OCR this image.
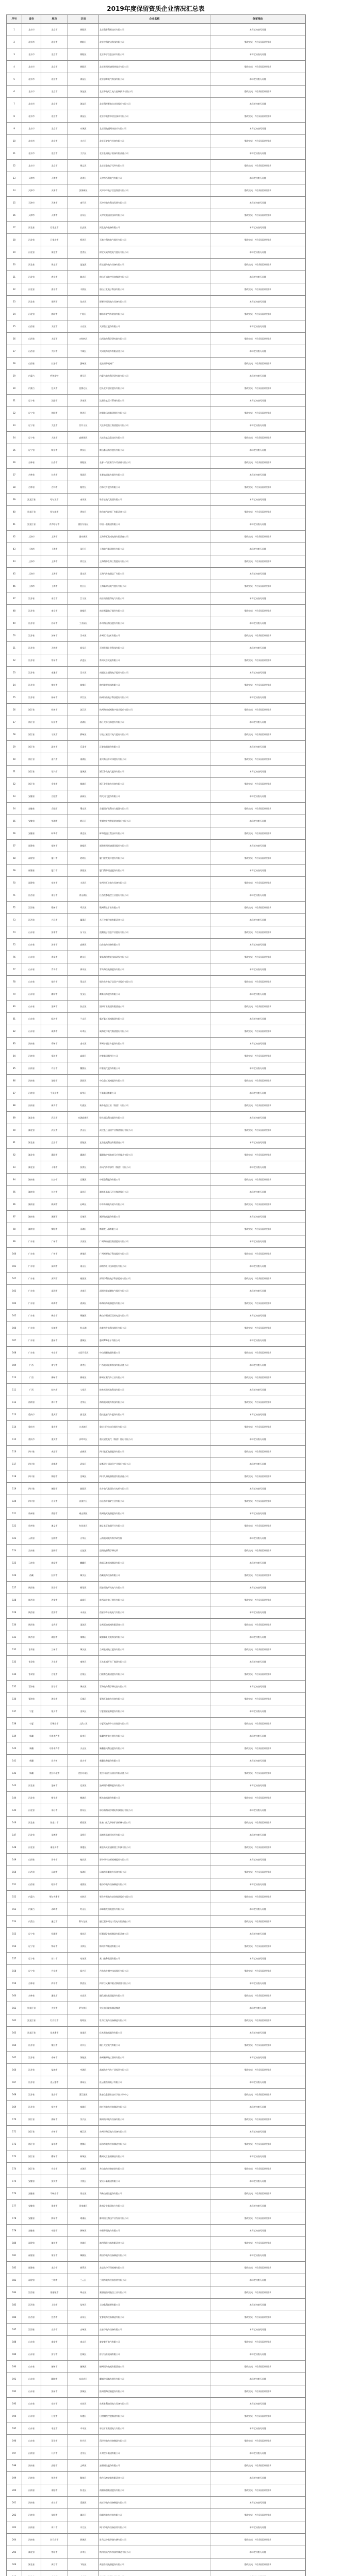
2019年度保留资质企业情况汇总表
序号	省份	地市	区县	企业名称	保留理由
1	北京市	北京市	朝阳区	北京奥普科星技术有限公司	本年度核查无问题
2	北京市	北京市	朝阳区	北京中科安达科技有限公司	整改完成，符合资质条件要求
3	北京市	北京市	朝阳区	北京华宇信息技术有限公司	本年度核查无问题
4	北京市	北京市	朝阳区	北京星网锐捷网络技术有限公司	整改完成，符合资质条件要求
5	北京市	北京市	海淀区	北京思源电气科技有限公司	本年度核查无问题
6	北京市	北京市	海淀区	北京华电天仁电力控制技术有限公司	整改完成，符合资质条件要求
7	北京市	北京市	海淀区	北京科锐配电自动化股份有限公司	本年度核查无问题
8	北京市	北京市	海淀区	北京中电普华信息技术有限公司	整改完成，符合资质条件要求
9	北京市	北京市	东城区	北京国电通网络技术有限公司	本年度核查无问题
10	北京市	北京市	丰台区	北京天安电气设备有限公司	整改完成，符合资质条件要求
11	北京市	北京市	大兴区	北京长城电子装备有限责任公司	本年度核查无问题
12	北京市	北京市	顺义区	北京京瓷电子元件有限公司	整改完成，符合资质条件要求
13	天津市	天津市	西青区	天津市百利电气有限公司	本年度核查无问题
14	天津市	天津市	滨海新区	天津中环电子信息集团有限公司	整改完成，符合资质条件要求
15	天津市	天津市	南开区	天津市电力科技发展有限公司	本年度核查无问题
16	天津市	天津市	河东区	天津光电通信技术有限公司	整改完成，符合资质条件要求
17	河北省	石家庄市	长安区	河北电力装备有限公司	本年度核查无问题
18	河北省	石家庄市	桥西区	石家庄科林电气股份有限公司	整改完成，符合资质条件要求
19	河北省	保定市	竞秀区	保定天威保变电气股份有限公司	本年度核查无问题
20	河北省	保定市	莲池区	保定通力电力设备有限公司	整改完成，符合资质条件要求
21	河北省	唐山市	路北区	唐山开诚电控设备集团有限公司	本年度核查无问题
22	河北省	唐山市	丰润区	唐山三友电子科技有限公司	整改完成，符合资质条件要求
23	河北省	邯郸市	丛台区	邯郸市恒昌电力设备有限公司	本年度核查无问题
24	河北省	廊坊市	广阳区	廊坊华安汽车装备有限公司	整改完成，符合资质条件要求
25	山西省	太原市	小店区	太原重工股份有限公司	本年度核查无问题
26	山西省	太原市	万柏林区	山西电力科学研究院有限公司	整改完成，符合资质条件要求
27	山西省	大同市	平城区	大同电力机车有限责任公司	本年度核查无问题
28	山西省	长治市	潞州区	长治清华机械厂	整改完成，符合资质条件要求
29	内蒙古	呼和浩特	赛罕区	内蒙古电力科学研究院有限公司	本年度核查无问题
30	内蒙古	包头市	昆都仑区	包头北方创业股份有限公司	整改完成，符合资质条件要求
31	辽宁省	沈阳市	浑南区	沈阳东软医疗系统有限公司	本年度核查无问题
32	辽宁省	沈阳市	铁西区	沈阳鼓风机集团股份有限公司	整改完成，符合资质条件要求
33	辽宁省	大连市	甘井子区	大连华锐重工集团股份有限公司	本年度核查无问题
34	辽宁省	大连市	高新园区	大连东软信息技术有限公司	整改完成，符合资质条件要求
35	辽宁省	鞍山市	铁东区	鞍山森远路桥股份有限公司	本年度核查无问题
36	吉林省	长春市	朝阳区	长春一汽富维汽车零部件有限公司	整改完成，符合资质条件要求
37	吉林省	长春市	绿园区	长春轨道客车股份有限公司	本年度核查无问题
38	吉林省	吉林市	船营区	吉林化纤股份有限公司	整改完成，符合资质条件要求
39	黑龙江省	哈尔滨市	南岗区	哈尔滨电气集团有限公司	本年度核查无问题
40	黑龙江省	哈尔滨市	香坊区	哈尔滨汽轮机厂有限责任公司	整改完成，符合资质条件要求
41	黑龙江省	齐齐哈尔市	富拉尔基区	中国一重集团有限公司	本年度核查无问题
42	上海市	上海市	浦东新区	上海华虹集成电路有限责任公司	整改完成，符合资质条件要求
43	上海市	上海市	闵行区	上海电气集团股份有限公司	本年度核查无问题
44	上海市	上海市	徐汇区	上海科华生物工程股份有限公司	整改完成，符合资质条件要求
45	上海市	上海市	嘉定区	上海汽车电器总厂有限公司	本年度核查无问题
46	上海市	上海市	松江区	上海新时达电气股份有限公司	整改完成，符合资质条件要求
47	江苏省	南京市	江宁区	南京南瑞继保电气有限公司	本年度核查无问题
48	江苏省	南京市	鼓楼区	南京熊猫电子股份有限公司	整改完成，符合资质条件要求
49	江苏省	苏州市	工业园区	苏州科达科技股份有限公司	本年度核查无问题
50	江苏省	苏州市	吴中区	苏州汇川技术有限公司	整改完成，符合资质条件要求
51	江苏省	无锡市	新吴区	无锡华润上华科技有限公司	本年度核查无问题
52	江苏省	常州市	武进区	常州天合光能有限公司	整改完成，符合资质条件要求
53	江苏省	南通市	崇川区	南通富士通微电子股份有限公司	本年度核查无问题
54	江苏省	徐州市	鼓楼区	徐州重型机械有限公司	整改完成，符合资质条件要求
55	江苏省	扬州市	邗江区	扬州扬杰电子科技股份有限公司	本年度核查无问题
56	浙江省	杭州市	滨江区	杭州海康威视数字技术股份有限公司	整改完成，符合资质条件要求
57	浙江省	杭州市	西湖区	浙江大华技术股份有限公司	本年度核查无问题
58	浙江省	宁波市	鄞州区	宁波三星医疗电气股份有限公司	整改完成，符合资质条件要求
59	浙江省	温州市	乐清市	正泰电器股份有限公司	本年度核查无问题
60	浙江省	嘉兴市	南湖区	嘉兴斯达半导体股份有限公司	整改完成，符合资质条件要求
61	浙江省	绍兴市	越城区	浙江卧龙电气股份有限公司	本年度核查无问题
62	浙江省	金华市	婺城区	浙江金华电力设备有限公司	整改完成，符合资质条件要求
63	安徽省	合肥市	高新区	科大讯飞股份有限公司	本年度核查无问题
64	安徽省	合肥市	蜀山区	合肥国轩高科动力能源有限公司	整改完成，符合资质条件要求
65	安徽省	芜湖市	鸠江区	芜湖埃夫特智能装备股份有限公司	本年度核查无问题
66	安徽省	蚌埠市	禹会区	蚌埠凯盛工程技术有限公司	整改完成，符合资质条件要求
67	福建省	福州市	鼓楼区	福建星网锐捷通讯股份有限公司	本年度核查无问题
68	福建省	厦门市	思明区	厦门宏发电声股份有限公司	整改完成，符合资质条件要求
69	福建省	厦门市	湖里区	厦门科华恒盛股份有限公司	本年度核查无问题
70	福建省	泉州市	丰泽区	泉州市汇丰电力设备有限公司	整改完成，符合资质条件要求
71	江西省	南昌市	青山湖区	江西洪都航空工业股份有限公司	本年度核查无问题
72	江西省	赣州市	章贡区	赣州稀土矿业有限公司	整改完成，符合资质条件要求
73	江西省	九江市	濂溪区	九江中船仪表有限责任公司	本年度核查无问题
74	山东省	济南市	历下区	浪潮电子信息产业股份有限公司	整改完成，符合资质条件要求
75	山东省	济南市	高新区	山东电力设备有限公司	本年度核查无问题
76	山东省	青岛市	崂山区	青岛海尔智能技术研发有限公司	整改完成，符合资质条件要求
77	山东省	青岛市	黄岛区	青岛海信电器股份有限公司	本年度核查无问题
78	山东省	烟台市	莱山区	烟台东方电子信息产业股份有限公司	整改完成，符合资质条件要求
79	山东省	潍坊市	奎文区	潍柴动力股份有限公司	本年度核查无问题
80	山东省	淄博市	张店区	淄博矿业集团有限责任公司	整改完成，符合资质条件要求
81	山东省	临沂市	兰山区	临沂临工机械集团有限公司	本年度核查无问题
82	山东省	威海市	环翠区	威海北洋电气集团股份有限公司	整改完成，符合资质条件要求
83	河南省	郑州市	金水区	郑州宇通客车股份有限公司	本年度核查无问题
84	河南省	郑州市	高新区	许继集团郑州分公司	整改完成，符合资质条件要求
85	河南省	许昌市	魏都区	许继电气股份有限公司	本年度核查无问题
86	河南省	洛阳市	涧西区	中信重工机械股份有限公司	整改完成，符合资质条件要求
87	河南省	平顶山市	新华区	平高集团有限公司	本年度核查无问题
88	河南省	新乡市	红旗区	新乡航空工业（集团）有限公司	整改完成，符合资质条件要求
89	湖北省	武汉市	东湖高新区	烽火通信科技股份有限公司	本年度核查无问题
90	湖北省	武汉市	洪山区	武汉长江通信产业集团股份有限公司	整改完成，符合资质条件要求
91	湖北省	宜昌市	西陵区	宜昌长机科技有限责任公司	本年度核查无问题
92	湖北省	襄阳市	襄城区	襄阳航宇机电液压应用技术有限公司	整改完成，符合资质条件要求
93	湖北省	十堰市	张湾区	东风汽车零部件（集团）有限公司	本年度核查无问题
94	湖南省	长沙市	岳麓区	中联重科股份有限公司	整改完成，符合资质条件要求
95	湖南省	长沙市	雨花区	湖南长高高压开关集团股份公司	本年度核查无问题
96	湖南省	株洲市	石峰区	中车株洲电力机车有限公司	整改完成，符合资质条件要求
97	湖南省	湘潭市	岳塘区	湘潭电机股份有限公司	本年度核查无问题
98	湖南省	衡阳市	蒸湘区	衡阳变压器有限公司	整改完成，符合资质条件要求
99	广东省	广州市	天河区	广州海格通信集团股份有限公司	本年度核查无问题
100	广东省	广州市	黄埔区	广州视源电子科技股份有限公司	整改完成，符合资质条件要求
101	广东省	深圳市	南山区	深圳市汇川技术股份有限公司	本年度核查无问题
102	广东省	深圳市	福田区	深圳市科陆电子科技股份有限公司	整改完成，符合资质条件要求
103	广东省	深圳市	龙岗区	深圳市英威腾电气股份有限公司	本年度核查无问题
104	广东省	珠海市	香洲区	珠海格力电器股份有限公司	整改完成，符合资质条件要求
105	广东省	佛山市	顺德区	佛山市顺德区美的电器有限公司	本年度核查无问题
106	广东省	东莞市	松山湖	东莞市生益科技股份有限公司	整改完成，符合资质条件要求
107	广东省	惠州市	惠城区	惠州TCL电子有限公司	本年度核查无问题
108	广东省	中山市	火炬开发区	中山明阳电器有限公司	整改完成，符合资质条件要求
109	广西	南宁市	青秀区	广西电网能源科技有限责任公司	本年度核查无问题
110	广西	柳州市	柳南区	柳州五菱汽车工业有限公司	整改完成，符合资质条件要求
111	广西	桂林市	七星区	桂林光隆光电科技有限公司	本年度核查无问题
112	海南省	海口市	龙华区	海南电网电力科技有限公司	整改完成，符合资质条件要求
113	重庆市	重庆市	渝北区	重庆长安汽车股份有限公司	本年度核查无问题
114	重庆市	重庆市	九龙坡区	重庆川仪自动化股份有限公司	整改完成，符合资质条件要求
115	重庆市	重庆市	沙坪坝区	重庆望变电气（集团）股份有限公司	本年度核查无问题
116	四川省	成都市	高新区	四川长虹电器股份有限公司	整改完成，符合资质条件要求
117	四川省	成都市	武侯区	成都卫士通信息产业股份有限公司	本年度核查无问题
118	四川省	绵阳市	涪城区	四川九洲电器集团有限责任公司	整改完成，符合资质条件要求
119	四川省	德阳市	旌阳区	东方电气集团东方电机有限公司	本年度核查无问题
120	四川省	自贡市	自流井区	自贡东方锅炉工业有限公司	整改完成，符合资质条件要求
121	贵州省	贵阳市	观山湖区	贵州航天电器股份有限公司	本年度核查无问题
122	贵州省	遵义市	红花岗区	遵义长征电器开关有限公司	整改完成，符合资质条件要求
123	云南省	昆明市	五华区	云南电网电力科学研究院	本年度核查无问题
124	云南省	昆明市	官渡区	昆明电器科学研究所	整改完成，符合资质条件要求
125	云南省	曲靖市	麒麟区	曲靖云维机械制造有限公司	本年度核查无问题
126	西藏	拉萨市	城关区	西藏电力设备有限公司	整改完成，符合资质条件要求
127	陕西省	西安市	雁塔区	西安西电开关电气有限公司	本年度核查无问题
128	陕西省	西安市	高新区	陕西烽火电子股份有限公司	整改完成，符合资质条件要求
129	陕西省	西安市	未央区	西安中车永电电气有限公司	本年度核查无问题
130	陕西省	宝鸡市	渭滨区	宝鸡石油机械有限责任公司	整改完成，符合资质条件要求
131	陕西省	咸阳市	秦都区	咸阳彩虹光电科技有限公司	本年度核查无问题
132	甘肃省	兰州市	城关区	兰州长城电工股份有限公司	整改完成，符合资质条件要求
133	甘肃省	天水市	秦州区	天水长城开关厂集团有限公司	本年度核查无问题
134	甘肃省	白银市	白银区	白银有色集团股份有限公司	整改完成，符合资质条件要求
135	青海省	西宁市	城东区	青海电力科学研究院有限公司	本年度核查无问题
136	青海省	海东市	乐都区	青海互助电力设备有限公司	整改完成，符合资质条件要求
137	宁夏	银川市	金凤区	宁夏银星能源股份有限公司	本年度核查无问题
138	宁夏	石嘴山市	大武口区	宁夏天地奔牛实业集团有限公司	整改完成，符合资质条件要求
139	新疆	乌鲁木齐市	新市区	新疆特变电工股份有限公司	本年度核查无问题
140	新疆	乌鲁木齐市	天山区	新疆金风科技股份有限公司	整改完成，符合资质条件要求
141	新疆	昌吉州	昌吉市	新疆众和股份有限公司	本年度核查无问题
142	新疆	克拉玛依市	克拉玛依区	克拉玛依红山油田有限责任公司	整改完成，符合资质条件要求
143	河北省	沧州市	运河区	沧州明珠塑料股份有限公司	本年度核查无问题
144	河北省	衡水市	桃城区	衡水电机股份有限公司	整改完成，符合资质条件要求
145	河北省	邢台市	桥东区	邢台纳科诺尔精轧科技股份有限公司	本年度核查无问题
146	河北省	张家口市	桥西区	张家口宣化华泰矿冶机械有限公司	整改完成，符合资质条件要求
147	河北省	承德市	双桥区	承德苏垦银河连杆有限公司	本年度核查无问题
148	河北省	秦皇岛市	海港区	秦皇岛天业通联重工科技有限公司	整改完成，符合资质条件要求
149	山西省	晋中市	榆次区	晋中经纬纺织机械股份有限公司	本年度核查无问题
150	山西省	运城市	盐湖区	运城市华阳电力设备有限公司	整改完成，符合资质条件要求
151	山西省	临汾市	尧都区	临汾市电力设备制造有限公司	本年度核查无问题
152	内蒙古	鄂尔多斯市	东胜区	鄂尔多斯电力冶金集团股份有限公司	整改完成，符合资质条件要求
153	内蒙古	赤峰市	红山区	赤峰富龙热电股份有限公司	本年度核查无问题
154	内蒙古	通辽市	科尔沁区	通辽霍林河坑口发电有限责任公司	整改完成，符合资质条件要求
155	辽宁省	抚顺市	望花区	抚顺煤矿电机制造有限责任公司	本年度核查无问题
156	辽宁省	锦州市	太和区	锦州万得集团有限公司	整改完成，符合资质条件要求
157	辽宁省	营口市	站前区	营口港务集团有限公司	本年度核查无问题
158	辽宁省	丹东市	振兴区	丹东东方测控技术股份有限公司	整改完成，符合资质条件要求
159	吉林省	四平市	铁西区	四平巨元瀚洋板式换热器有限公司	本年度核查无问题
160	吉林省	通化市	东昌区	通化钢铁集团股份有限公司	整改完成，符合资质条件要求
161	黑龙江省	大庆市	萨尔图区	大庆油田装备制造集团	本年度核查无问题
162	黑龙江省	牡丹江市	阳明区	牡丹江电力设备制造有限公司	整改完成，符合资质条件要求
163	黑龙江省	佳木斯市	前进区	佳木斯电机股份有限公司	本年度核查无问题
164	江苏省	镇江市	京口区	镇江大全电气有限公司	整改完成，符合资质条件要求
165	江苏省	泰州市	海陵区	泰州新源电工器材有限公司	本年度核查无问题
166	江苏省	盐城市	亭湖区	盐城东方汽车广场投资有限公司	整改完成，符合资质条件要求
167	江苏省	连云港市	海州区	连云港杰瑞电子有限公司	本年度核查无问题
168	江苏省	淮安市	清江浦区	淮安信息职业技术学院实训中心	整改完成，符合资质条件要求
169	江苏省	宿迁市	宿城区	宿迁市电力设备制造有限公司	本年度核查无问题
170	浙江省	湖州市	吴兴区	湖州南浔电力设备有限公司	整改完成，符合资质条件要求
171	浙江省	台州市	椒江区	台州市海正电力设备有限公司	本年度核查无问题
172	浙江省	丽水市	莲都区	丽水市电力设备制造有限公司	整改完成，符合资质条件要求
173	浙江省	衢州市	柯城区	衢州元立金属制品有限公司	本年度核查无问题
174	浙江省	舟山市	定海区	舟山电力设备安装有限公司	整改完成，符合资质条件要求
175	安徽省	安庆市	大观区	安庆环新集团有限公司	本年度核查无问题
176	安徽省	马鞍山市	雨山区	马鞍山钢铁股份有限公司	整改完成，符合资质条件要求
177	安徽省	淮南市	田家庵区	淮南矿业集团电力有限公司	本年度核查无问题
178	安徽省	滁州市	琅琊区	滁州康佳科技产业发展有限公司	整改完成，符合资质条件要求
179	安徽省	阜阳市	颍州区	阜阳华润电力有限公司	本年度核查无问题
180	福建省	漳州市	芗城区	漳州科华技术有限责任公司	整改完成，符合资质条件要求
181	福建省	莆田市	城厢区	莆田市电力设备制造有限公司	本年度核查无问题
182	福建省	龙岩市	新罗区	龙岩龙净环保机械有限公司	整改完成，符合资质条件要求
183	福建省	三明市	三元区	三明市电力设备安装有限公司	本年度核查无问题
184	江西省	景德镇市	珠山区	景德镇昌河航空工业有限公司	整改完成，符合资质条件要求
185	江西省	上饶市	信州区	上饶晶科能源有限公司	本年度核查无问题
186	江西省	宜春市	袁州区	宜春电力设备制造有限公司	整改完成，符合资质条件要求
187	江西省	吉安市	吉州区	吉安市电力设备有限公司	本年度核查无问题
188	山东省	泰安市	泰山区	泰安泰开电气有限公司	整改完成，符合资质条件要求
189	山东省	济宁市	任城区	济宁山推机械有限公司	本年度核查无问题
190	山东省	德州市	德城区	德州恒力电机有限责任公司	整改完成，符合资质条件要求
191	山东省	聊城市	东昌府区	聊城中通客车股份有限公司	本年度核查无问题
192	山东省	滨州市	滨城区	滨州渤海活塞股份有限公司	整改完成，符合资质条件要求
193	山东省	东营市	东营区	东营胜利油田电力设备有限公司	本年度核查无问题
194	山东省	日照市	东港区	日照钢铁控股集团有限公司	整改完成，符合资质条件要求
195	山东省	枣庄市	市中区	枣庄矿业集团电力有限公司	本年度核查无问题
196	山东省	菏泽市	牡丹区	菏泽市电力设备制造有限公司	整改完成，符合资质条件要求
197	河南省	开封市	龙亭区	开封空分集团有限公司	本年度核查无问题
198	河南省	安阳市	文峰区	安阳钢铁股份有限公司	整改完成，符合资质条件要求
199	河南省	焦作市	解放区	焦作风神轮胎有限责任公司	本年度核查无问题
200	河南省	南阳市	卧龙区	南阳防爆集团股份有限公司	整改完成，符合资质条件要求
201	河南省	商丘市	梁园区	商丘市电力设备制造有限公司	本年度核查无问题
202	河南省	信阳市	浉河区	信阳市电力设备有限公司	整改完成，符合资质条件要求
203	河南省	周口市	川汇区	周口市电力设备安装有限公司	本年度核查无问题
204	河南省	驻马店市	驿城区	驻马店中集华骏车辆有限公司	整改完成，符合资质条件要求
205	湖北省	荆州市	沙市区	荆州恒隆汽车零部件制造有限公司	本年度核查无问题
206	湖北省	黄石市	下陆区	黄石东贝电器股份有限公司	整改完成，符合资质条件要求
